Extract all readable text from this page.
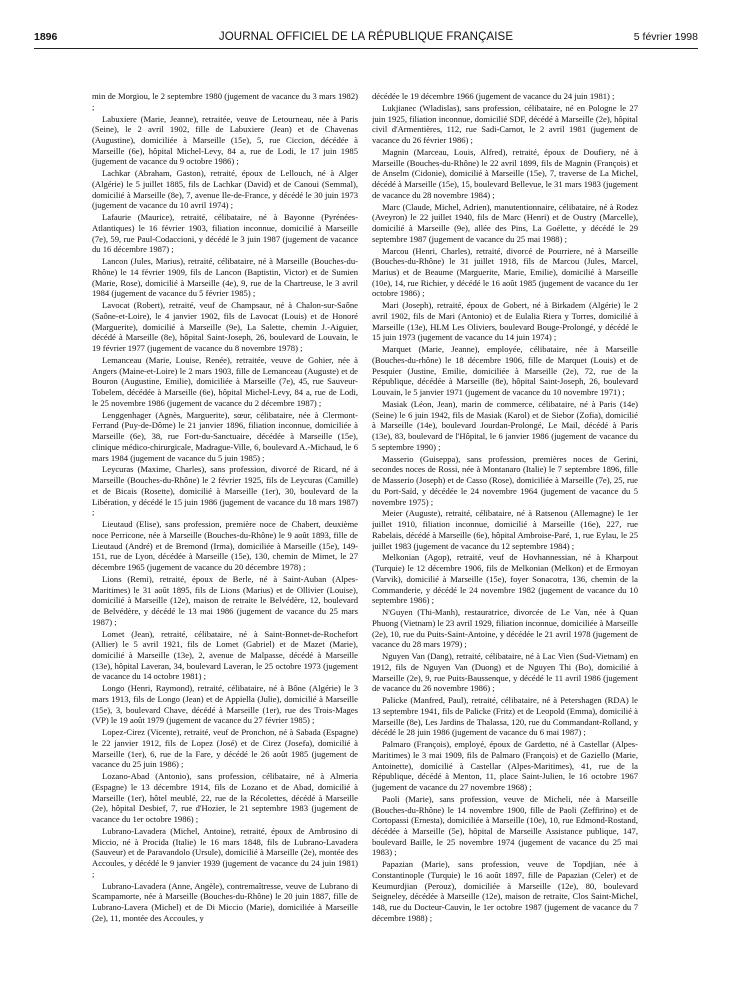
JOURNAL OFFICIEL DE LA RÉPUBLIQUE FRANÇAISE
1896	5 février 1998

min de Morgiou, le 2 septembre 1980 (jugement de vacance du 3 mars 1982) ;

Labuxiere (Marie, Jeanne), retraitée, veuve de Letourneau, née à Paris (Seine), le 2 avril 1902, fille de Labuxiere (Jean) et de Chavenas (Augustine), domiciliée à Marseille (15e), 5, rue Ciccion, décédée à Marseille (6e), hôpital Michel-Levy, 84 a, rue de Lodi, le 17 juin 1985 (jugement de vacance du 9 octobre 1986) ;

Lachkar (Abraham, Gaston), retraité, époux de Lellouch, né à Alger (Algérie) le 5 juillet 1885, fils de Lachkar (David) et de Canoui (Semmal), domicilié à Marseille (8e), 7, avenue Ile-de-France, y décédé le 30 juin 1973 (jugement de vacance du 10 avril 1974) ;

Lafaurie (Maurice), retraité, célibataire, né à Bayonne (Pyrénées-Atlantiques) le 16 février 1903, filiation inconnue, domicilié à Marseille (7e), 59, rue Paul-Codaccioni, y décédé le 3 juin 1987 (jugement de vacance du 16 décembre 1987) ;

Lancon (Jules, Marius), retraité, célibataire, né à Marseille (Bouches-du-Rhône) le 14 février 1909, fils de Lancon (Baptistin, Victor) et de Sumien (Marie, Rose), domicilié à Marseille (4e), 9, rue de la Chartreuse, le 3 avril 1984 (jugement de vacance du 5 février 1985) ;

Lavocat (Robert), retraité, veuf de Champsaur, né à Chalon-sur-Saône (Saône-et-Loire), le 4 janvier 1902, fils de Lavocat (Louis) et de Honoré (Marguerite), domicilié à Marseille (9e), La Salette, chemin J.-Aiguier, décédé à Marseille (8e), hôpital Saint-Joseph, 26, boulevard de Louvain, le 19 février 1977 (jugement de vacance du 8 novembre 1978) ;

Lemanceau (Marie, Louise, Renée), retraitée, veuve de Gohier, née à Angers (Maine-et-Loire) le 2 mars 1903, fille de Lemanceau (Auguste) et de Bouron (Augustine, Emilie), domiciliée à Marseille (7e), 45, rue Sauveur-Tobelem, décédée à Marseille (6e), hôpital Michel-Levy, 84 a, rue de Lodi, le 25 novembre 1986 (jugement de vacance du 2 décembre 1987) ;

Lenggenhager (Agnès, Marguerite), sœur, célibataire, née à Clermont-Ferrand (Puy-de-Dôme) le 21 janvier 1896, filiation inconnue, domiciliée à Marseille (6e), 38, rue Fort-du-Sanctuaire, décédée à Marseille (15e), clinique médico-chirurgicale, Madrague-Ville, 6, boulevard A.-Michaud, le 6 mars 1984 (jugement de vacance du 5 juin 1985) ;

Leycuras (Maxime, Charles), sans profession, divorcé de Ricard, né à Marseille (Bouches-du-Rhône) le 2 février 1925, fils de Leycuras (Camille) et de Bicais (Rosette), domicilié à Marseille (1er), 30, boulevard de la Libération, y décédé le 15 juin 1986 (jugement de vacance du 18 mars 1987) ;

Lieutaud (Elise), sans profession, première noce de Chabert, deuxième noce Perricone, née à Marseille (Bouches-du-Rhône) le 9 août 1893, fille de Lieutaud (André) et de Bremond (Irma), domiciliée à Marseille (15e), 149-151, rue de Lyon, décédée à Marseille (15e), 130, chemin de Mimet, le 27 décembre 1965 (jugement de vacance du 20 décembre 1978) ;

Lions (Remi), retraité, époux de Berle, né à Saint-Auban (Alpes-Maritimes) le 31 août 1895, fils de Lions (Marius) et de Ollivier (Louise), domicilié à Marseille (12e), maison de retraite le Belvédère, 12, boulevard de Belvédère, y décédé le 13 mai 1986 (jugement de vacance du 25 mars 1987) ;

Lomet (Jean), retraité, célibataire, né à Saint-Bonnet-de-Rochefort (Allier) le 5 avril 1921, fils de Lomet (Gabriel) et de Mazet (Marie), domicilié à Marseille (13e), 2, avenue de Malpasse, décédé à Marseille (13e), hôpital Laveran, 34, boulevard Laveran, le 25 octobre 1973 (jugement de vacance du 14 octobre 1981) ;

Longo (Henri, Raymond), retraité, célibataire, né à Bône (Algérie) le 3 mars 1913, fils de Longo (Jean) et de Appiella (Julie), domicilié à Marseille (15e), 3, boulevard Chave, décédé à Marseille (1er), rue des Trois-Mages (VP) le 19 août 1979 (jugement de vacance du 27 février 1985) ;

Lopez-Cirez (Vicente), retraité, veuf de Pronchon, né à Sabada (Espagne) le 22 janvier 1912, fils de Lopez (José) et de Cirez (Josefa), domicilié à Marseille (1er), 6, rue de la Fare, y décédé le 26 août 1985 (jugement de vacance du 25 juin 1986) ;

Lozano-Abad (Antonio), sans profession, célibataire, né à Almeria (Espagne) le 13 décembre 1914, fils de Lozano et de Abad, domicilié à Marseille (1er), hôtel meublé, 22, rue de la Récolettes, décédé à Marseille (2e), hôpital Desbief, 7, rue d'Hozier, le 21 septembre 1983 (jugement de vacance du 1er octobre 1986) ;

Lubrano-Lavadera (Michel, Antoine), retraité, époux de Ambrosino di Miccio, né à Procida (Italie) le 16 mars 1848, fils de Lubrano-Lavadera (Sauveur) et de Paravandolo (Ursule), domicilié à Marseille (2e), montée des Accoules, y décédé le 9 janvier 1939 (jugement de vacance du 24 juin 1981) ;

Lubrano-Lavadera (Anne, Angèle), contremaîtresse, veuve de Lubrano di Scampamorte, née à Marseille (Bouches-du-Rhône) le 20 juin 1887, fille de Lubrano-Lavera (Michel) et de Di Miccio (Marie), domiciliée à Marseille (2e), 11, montée des Accoules, y

décédée le 19 décembre 1966 (jugement de vacance du 24 juin 1981) ;

Lukjianec (Wladislas), sans profession, célibataire, né en Pologne le 27 juin 1925, filiation inconnue, domicilié SDF, décédé à Marseille (2e), hôpital civil d'Armentières, 112, rue Sadi-Carnot, le 2 avril 1981 (jugement de vacance du 26 février 1986) ;

Magnin (Marceau, Louis, Alfred), retraité, époux de Doufiery, né à Marseille (Bouches-du-Rhône) le 22 avril 1899, fils de Magnin (François) et de Anselm (Cidonie), domicilié à Marseille (15e), 7, traverse de La Michel, décédé à Marseille (15e), 15, boulevard Bellevue, le 31 mars 1983 (jugement de vacance du 28 novembre 1984) ;

Marc (Claude, Michel, Adrien), manutentionnaire, célibataire, né à Rodez (Aveyron) le 22 juillet 1940, fils de Marc (Henri) et de Oustry (Marcelle), domicilié à Marseille (9e), allée des Pins, La Goélette, y décédé le 29 septembre 1987 (jugement de vacance du 25 mai 1988) ;

Marcou (Henri, Charles), retraité, divorcé de Pourriere, né à Marseille (Bouches-du-Rhône) le 31 juillet 1918, fils de Marcou (Jules, Marcel, Marius) et de Beaume (Marguerite, Marie, Emilie), domicilié à Marseille (10e), 14, rue Richier, y décédé le 16 août 1985 (jugement de vacance du 1er octobre 1986) ;

Mari (Joseph), retraité, époux de Gobert, né à Birkadem (Algérie) le 2 avril 1902, fils de Mari (Antonio) et de Eulalia Riera y Torres, domicilié à Marseille (13e), HLM Les Oliviers, boulevard Bouge-Prolongé, y décédé le 15 juin 1973 (jugement de vacance du 14 juin 1974) ;

Marquet (Marie, Jeanne), employée, célibataire, née à Marseille (Bouches-du-rhône) le 18 décembre 1906, fille de Marquet (Louis) et de Pesquier (Justine, Emilie, domiciliée à Marseille (2e), 72, rue de la République, décédée à Marseille (8e), hôpital Saint-Joseph, 26, boulevard Louvain, le 5 janvier 1971 (jugement de vacance du 10 novembre 1971) ;

Masiak (Léon, Jean), marin de commerce, célibataire, né à Paris (14e) (Seine) le 6 juin 1942, fils de Masiak (Karol) et de Siebor (Zofia), domicilié à Marseille (14e), boulevard Jourdan-Prolongé, Le Mail, décédé à Paris (13e), 83, boulevard de l'Hôpital, le 6 janvier 1986 (jugement de vacance du 5 septembre 1990) ;

Masserio (Guiseppa), sans profession, premières noces de Gerini, secondes noces de Rossi, née à Montanaro (Italie) le 7 septembre 1896, fille de Masserio (Joseph) et de Casso (Rose), domiciliée à Marseille (7e), 25, rue du Port-Saïd, y décédée le 24 novembre 1964 (jugement de vacance du 5 novembre 1975) ;

Meier (Auguste), retraité, célibataire, né à Ratsenou (Allemagne) le 1er juillet 1910, filiation inconnue, domicilié à Marseille (16e), 227, rue Rabelais, décédé à Marseille (6e), hôpital Ambroise-Paré, 1, rue Eylau, le 25 juillet 1983 (jugement de vacance du 12 septembre 1984) ;

Melkonian (Agop), retraité, veuf de Hovhannessian, né à Kharpout (Turquie) le 12 décembre 1906, fils de Melkonian (Melkon) et de Ermoyan (Varvik), domicilié à Marseille (15e), foyer Sonacotra, 136, chemin de la Commanderie, y décédé le 24 novembre 1982 (jugement de vacance du 10 septembre 1986) ;

N'Guyen (Thi-Manh), restauratrice, divorcée de Le Van, née à Quan Phuong (Vietnam) le 23 avril 1929, filiation inconnue, domiciliée à Marseille (2e), 10, rue du Puits-Saint-Antoine, y décédée le 21 avril 1978 (jugement de vacance du 28 mars 1979) ;

Nguyen Van (Dang), retraité, célibataire, né à Lac Vien (Sud-Vietnam) en 1912, fils de Nguyen Van (Duong) et de Nguyen Thi (Bo), domicilié à Marseille (2e), 9, rue Puits-Baussenque, y décédé le 11 avril 1986 (jugement de vacance du 26 novembre 1986) ;

Palicke (Manfred, Paul), retraité, célibataire, né à Petershagen (RDA) le 13 septembre 1941, fils de Palicke (Fritz) et de Leopold (Emma), domicilié à Marseille (8e), Les Jardins de Thalassa, 120, rue du Commandant-Rolland, y décédé le 28 juin 1986 (jugement de vacance du 6 mai 1987) ;

Palmaro (François), employé, époux de Gardetto, né à Castellar (Alpes-Maritimes) le 3 mai 1909, fils de Palmaro (François) et de Gaziello (Marie, Antoinette), domicilié à Castellar (Alpes-Maritimes), 41, rue de la République, décédé à Menton, 11, place Saint-Julien, le 16 octobre 1967 (jugement de vacance du 27 novembre 1968) ;

Paoli (Marie), sans profession, veuve de Micheli, née à Marseille (Bouches-du-Rhône) le 14 novembre 1900, fille de Paoli (Zeffirino) et de Cortopassi (Ernesta), domiciliée à Marseille (10e), 10, rue Edmond-Rostand, décédée à Marseille (5e), hôpital de Marseille Assistance publique, 147, boulevard Baille, le 25 novembre 1974 (jugement de vacance du 25 mai 1983) ;

Papazian (Marie), sans profession, veuve de Topdjian, née à Constantinople (Turquie) le 16 août 1897, fille de Papazian (Celer) et de Keumurdjian (Perouz), domiciliée à Marseille (12e), 80, boulevard Seigneley, décédée à Marseille (12e), maison de retraite, Clos Saint-Michel, 148, rue du Docteur-Cauvin, le 1er octobre 1987 (jugement de vacance du 7 décembre 1988) ;
